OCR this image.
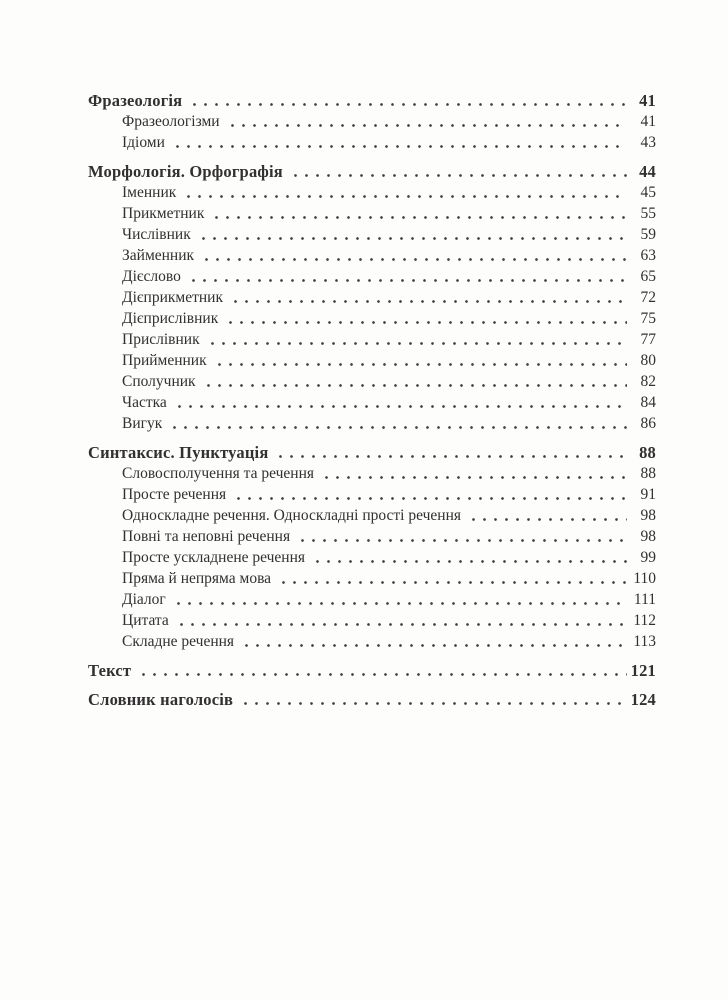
Фразеологія	41
Фразеологізми	41
Ідіоми	43
Морфологія. Орфографія	44
Іменник	45
Прикметник	55
Числівник	59
Займенник	63
Дієслово	65
Дієприкметник	72
Дієприслівник	75
Прислівник	77
Прийменник	80
Сполучник	82
Частка	84
Вигук	86
Синтаксис. Пунктуація	88
Словосполучення та речення	88
Просте речення	91
Односкладне речення. Односкладні прості речення	98
Повні та неповні речення	98
Просте ускладнене речення	99
Пряма й непряма мова	110
Діалог	111
Цитата	112
Складне речення	113
Текст	121
Словник наголосів	124
